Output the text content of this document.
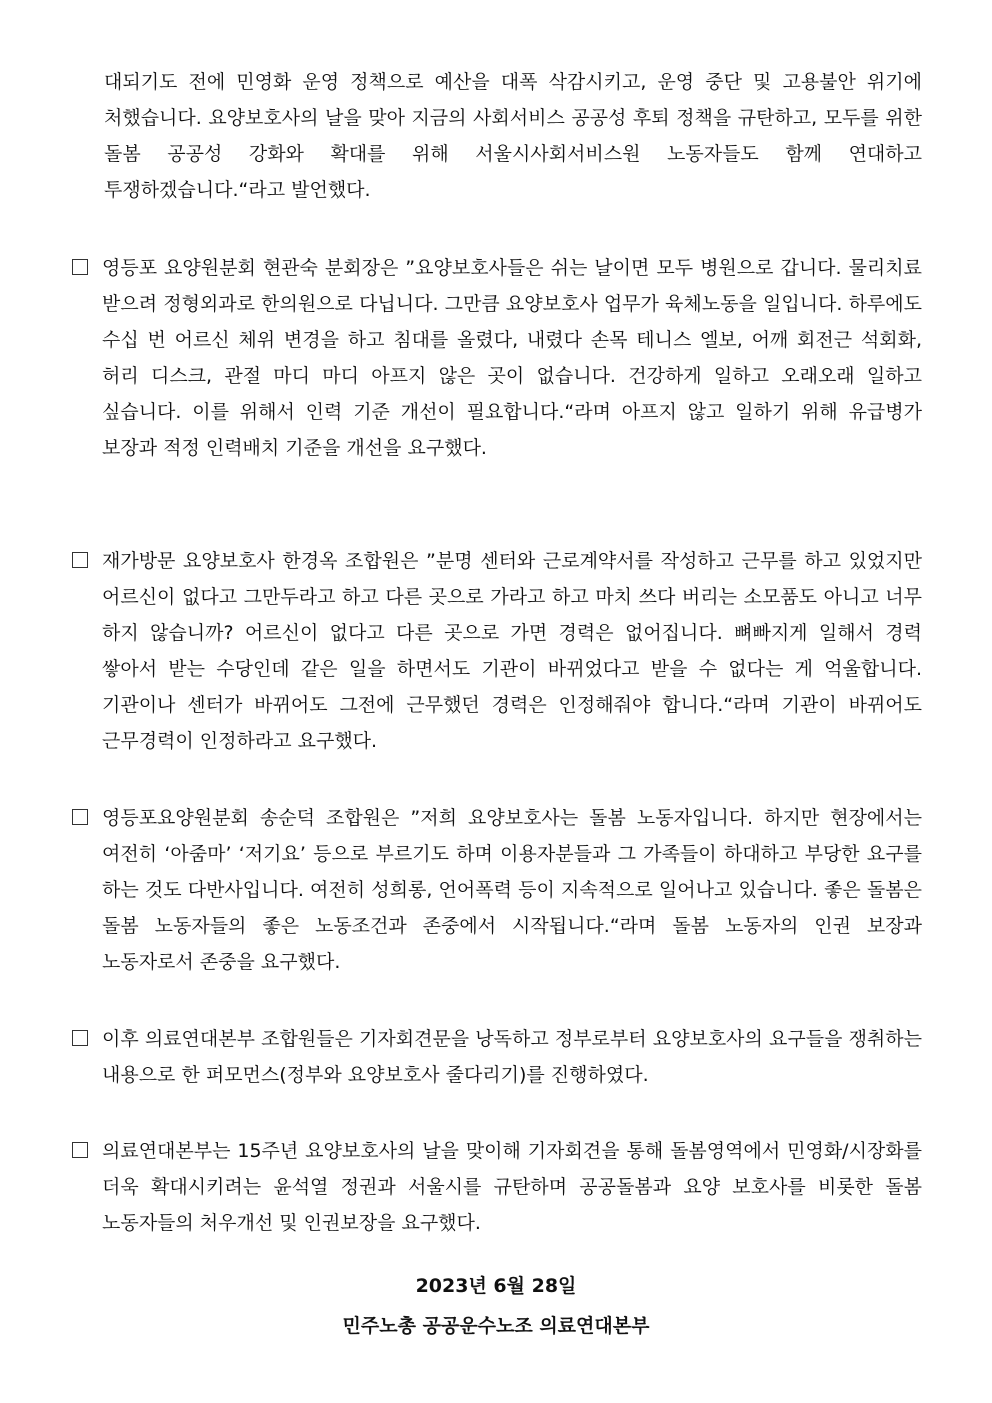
대되기도 전에 민영화 운영 정책으로 예산을 대폭 삭감시키고, 운영 중단 및 고용불안 위기에 처했습니다. 요양보호사의 날을 맞아 지금의 사회서비스 공공성 후퇴 정책을 규탄하고, 모두를 위한 돌봄 공공성 강화와 확대를 위해 서울시사회서비스원 노동자들도 함께 연대하고 투쟁하겠습니다.“라고 발언했다.

영등포 요양원분회 현관숙 분회장은 ”요양보호사들은 쉬는 날이면 모두 병원으로 갑니다. 물리치료 받으려 정형외과로 한의원으로 다닙니다. 그만큼 요양보호사 업무가 육체노동을 일입니다. 하루에도 수십 번 어르신 체위 변경을 하고 침대를 올렸다, 내렸다 손목 테니스 엘보, 어깨 회전근 석회화, 허리 디스크, 관절 마디 마디 아프지 않은 곳이 없습니다. 건강하게 일하고 오래오래 일하고 싶습니다. 이를 위해서 인력 기준 개선이 필요합니다.“라며 아프지 않고 일하기 위해 유급병가 보장과 적정 인력배치 기준을 개선을 요구했다.

재가방문 요양보호사 한경옥 조합원은 ”분명 센터와 근로계약서를 작성하고 근무를 하고 있었지만 어르신이 없다고 그만두라고 하고 다른 곳으로 가라고 하고 마치 쓰다 버리는 소모품도 아니고 너무 하지 않습니까? 어르신이 없다고 다른 곳으로 가면 경력은 없어집니다. 뼈빠지게 일해서 경력 쌓아서 받는 수당인데 같은 일을 하면서도 기관이 바뀌었다고 받을 수 없다는 게 억울합니다. 기관이나 센터가 바뀌어도 그전에 근무했던 경력은 인정해줘야 합니다.“라며 기관이 바뀌어도 근무경력이 인정하라고 요구했다.

영등포요양원분회 송순덕 조합원은 ”저희 요양보호사는 돌봄 노동자입니다. 하지만 현장에서는 여전히 ‘아줌마’ ‘저기요’ 등으로 부르기도 하며 이용자분들과 그 가족들이 하대하고 부당한 요구를 하는 것도 다반사입니다. 여전히 성희롱, 언어폭력 등이 지속적으로 일어나고 있습니다. 좋은 돌봄은 돌봄 노동자들의 좋은 노동조건과 존중에서 시작됩니다.“라며 돌봄 노동자의 인권 보장과 노동자로서 존중을 요구했다.

이후 의료연대본부 조합원들은 기자회견문을 낭독하고 정부로부터 요양보호사의 요구들을 쟁취하는 내용으로 한 퍼모먼스(정부와 요양보호사 줄다리기)를 진행하였다.

의료연대본부는 15주년 요양보호사의 날을 맞이해 기자회견을 통해 돌봄영역에서 민영화/시장화를 더욱 확대시키려는 윤석열 정권과 서울시를 규탄하며 공공돌봄과 요양 보호사를 비롯한 돌봄 노동자들의 처우개선 및 인권보장을 요구했다.

2023년 6월 28일
민주노총 공공운수노조 의료연대본부
